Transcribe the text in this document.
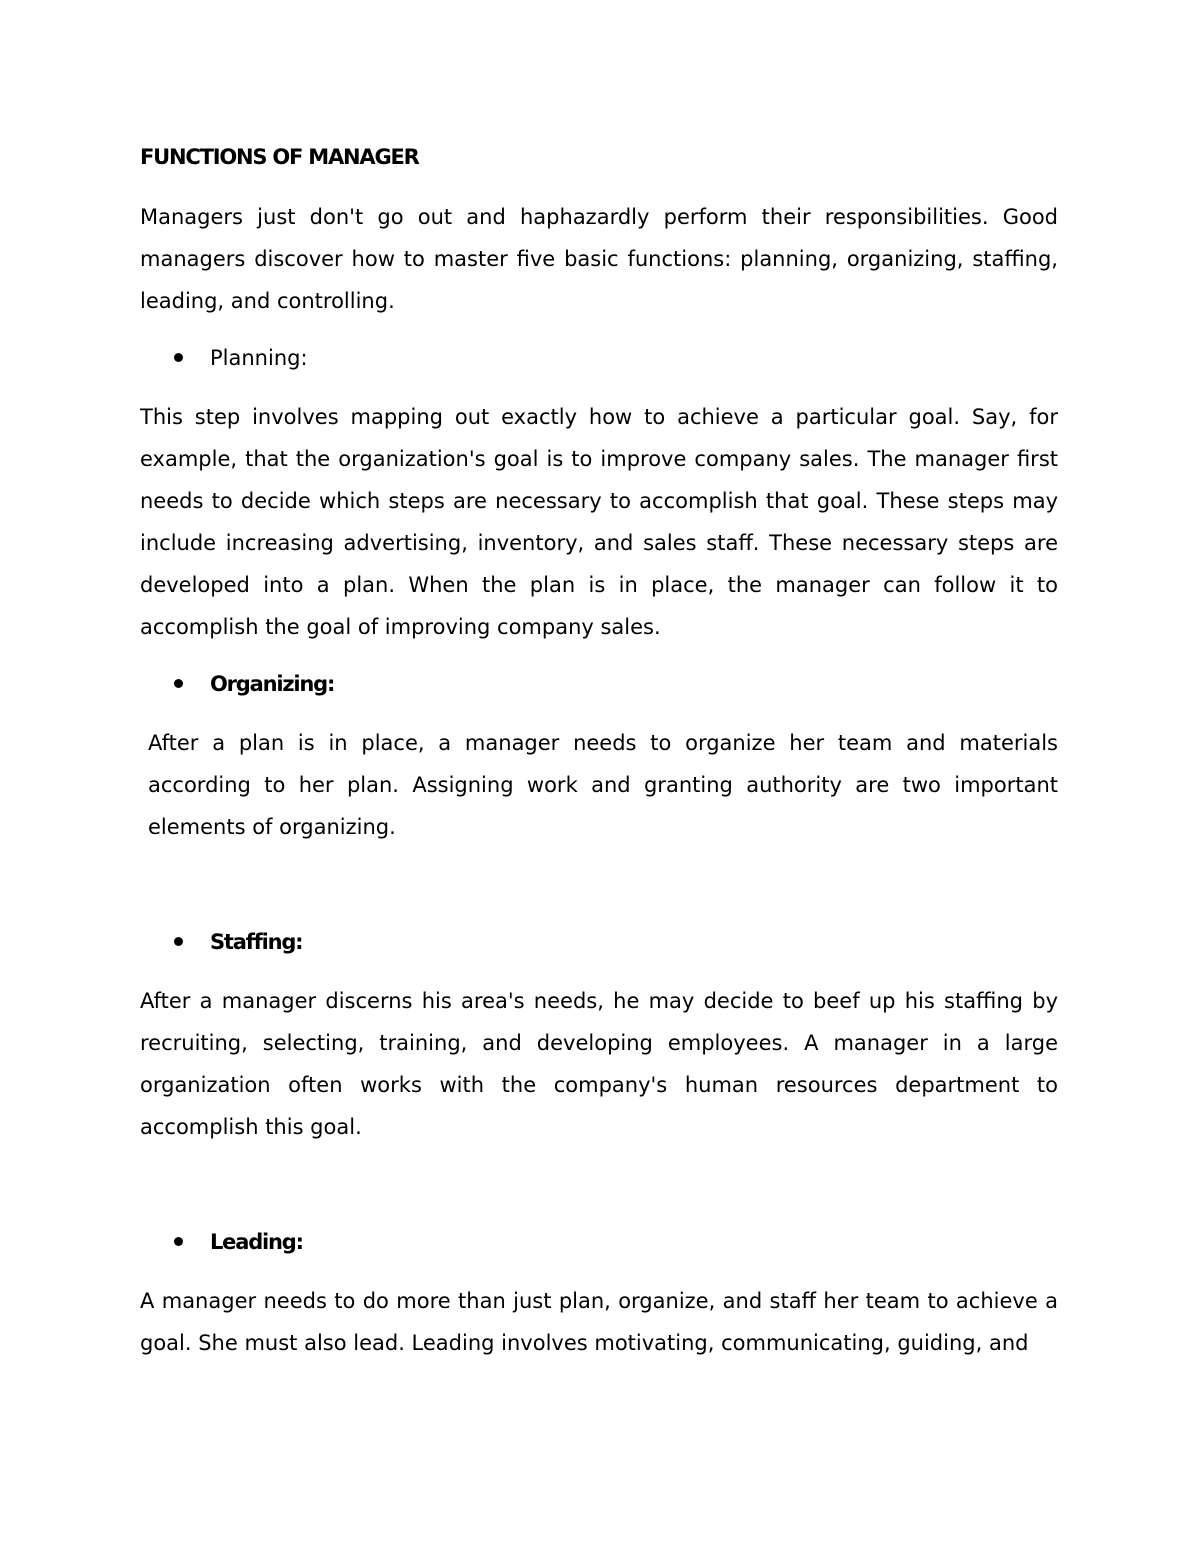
FUNCTIONS OF MANAGER

Managers just don't go out and haphazardly perform their responsibilities. Good managers discover how to master five basic functions: planning, organizing, staffing, leading, and controlling.

Planning:

This step involves mapping out exactly how to achieve a particular goal. Say, for example, that the organization's goal is to improve company sales. The manager first needs to decide which steps are necessary to accomplish that goal. These steps may include increasing advertising, inventory, and sales staff. These necessary steps are developed into a plan. When the plan is in place, the manager can follow it to accomplish the goal of improving company sales.

Organizing:

After a plan is in place, a manager needs to organize her team and materials according to her plan. Assigning work and granting authority are two important elements of organizing.

Staffing:

After a manager discerns his area's needs, he may decide to beef up his staffing by recruiting, selecting, training, and developing employees. A manager in a large organization often works with the company's human resources department to accomplish this goal.

Leading:

A manager needs to do more than just plan, organize, and staff her team to achieve a goal. She must also lead. Leading involves motivating, communicating, guiding, and
